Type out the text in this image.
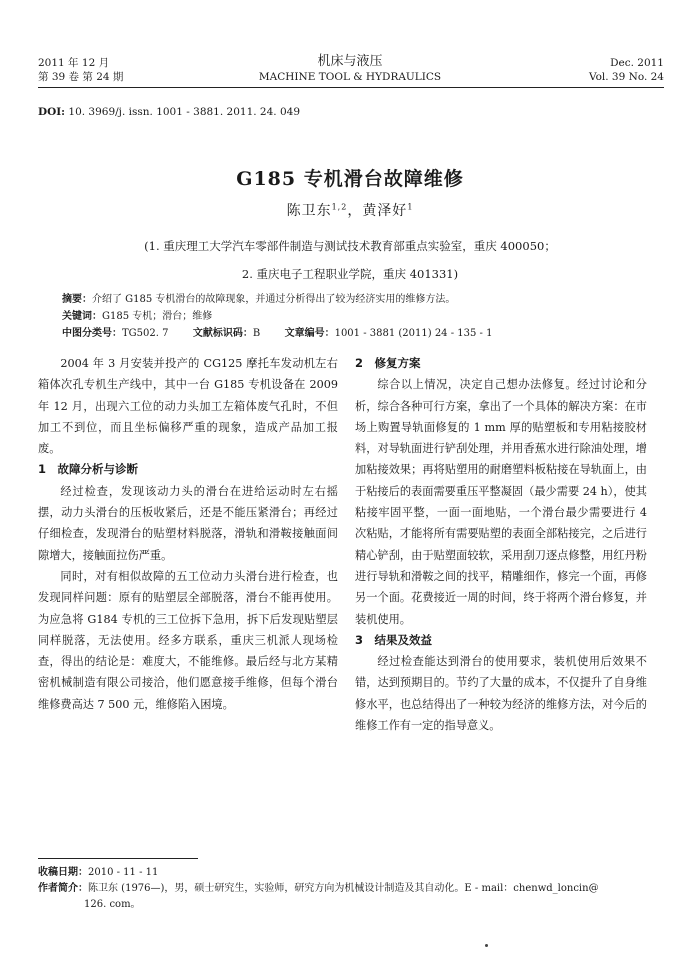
2011 年 12 月
第 39 卷 第 24 期
机床与液压
MACHINE TOOL & HYDRAULICS
Dec. 2011
Vol. 39 No. 24
DOI: 10. 3969/j. issn. 1001 - 3881. 2011. 24. 049
G185 专机滑台故障维修
陈卫东$^{1,2}$，黄泽好$^1$
(1. 重庆理工大学汽车零部件制造与测试技术教育部重点实验室，重庆 400050；
2. 重庆电子工程职业学院，重庆 401331)
摘要：介绍了 G185 专机滑台的故障现象，并通过分析得出了较为经济实用的维修方法。
关键词：G185 专机；滑台；维修
中图分类号：TG502. 7 文献标识码：B 文章编号：1001 - 3881 (2011) 24 - 135 - 1

2004 年 3 月安装并投产的 CG125 摩托车发动机左右箱体次孔专机生产线中，其中一台 G185 专机设备在 2009 年 12 月，出现六工位的动力头加工左箱体废气孔时，不但加工不到位，而且坐标偏移严重的现象，造成产品加工报废。

1　故障分析与诊断

经过检查，发现该动力头的滑台在进给运动时左右摇摆，动力头滑台的压板收紧后，还是不能压紧滑台；再经过仔细检查，发现滑台的贴塑材料脱落，滑轨和滑鞍接触面间隙增大，接触面拉伤严重。

同时，对有相似故障的五工位动力头滑台进行检查，也发现同样问题：原有的贴塑层全部脱落，滑台不能再使用。为应急将 G184 专机的三工位拆下急用，拆下后发现贴塑层同样脱落，无法使用。经多方联系，重庆三机派人现场检查，得出的结论是：难度大，不能维修。最后经与北方某精密机械制造有限公司接洽，他们愿意接手维修，但每个滑台维修费高达 7 500 元，维修陷入困境。

2　修复方案

综合以上情况，决定自己想办法修复。经过讨论和分析，综合各种可行方案，拿出了一个具体的解决方案：在市场上购置导轨面修复的 1 mm 厚的贴塑板和专用粘接胶材料，对导轨面进行铲刮处理，并用香蕉水进行除油处理，增加粘接效果；再将贴塑用的耐磨塑料板粘接在导轨面上，由于粘接后的表面需要重压平整凝固（最少需要 24 h），使其粘接牢固平整，一面一面地贴，一个滑台最少需要进行 4 次粘贴，才能将所有需要贴塑的表面全部粘接完，之后进行精心铲刮，由于贴塑面较软，采用刮刀逐点修整，用红丹粉进行导轨和滑鞍之间的找平，精雕细作，修完一个面，再修另一个面。花费接近一周的时间，终于将两个滑台修复，并装机使用。

3　结果及效益

经过检查能达到滑台的使用要求，装机使用后效果不错，达到预期目的。节约了大量的成本，不仅提升了自身维修水平，也总结得出了一种较为经济的维修方法，对今后的维修工作有一定的指导意义。

收稿日期：2010 - 11 - 11
作者简介：陈卫东 (1976—)，男，硕士研究生，实验师，研究方向为机械设计制造及其自动化。E - mail：chenwd_loncin@
126. com。
